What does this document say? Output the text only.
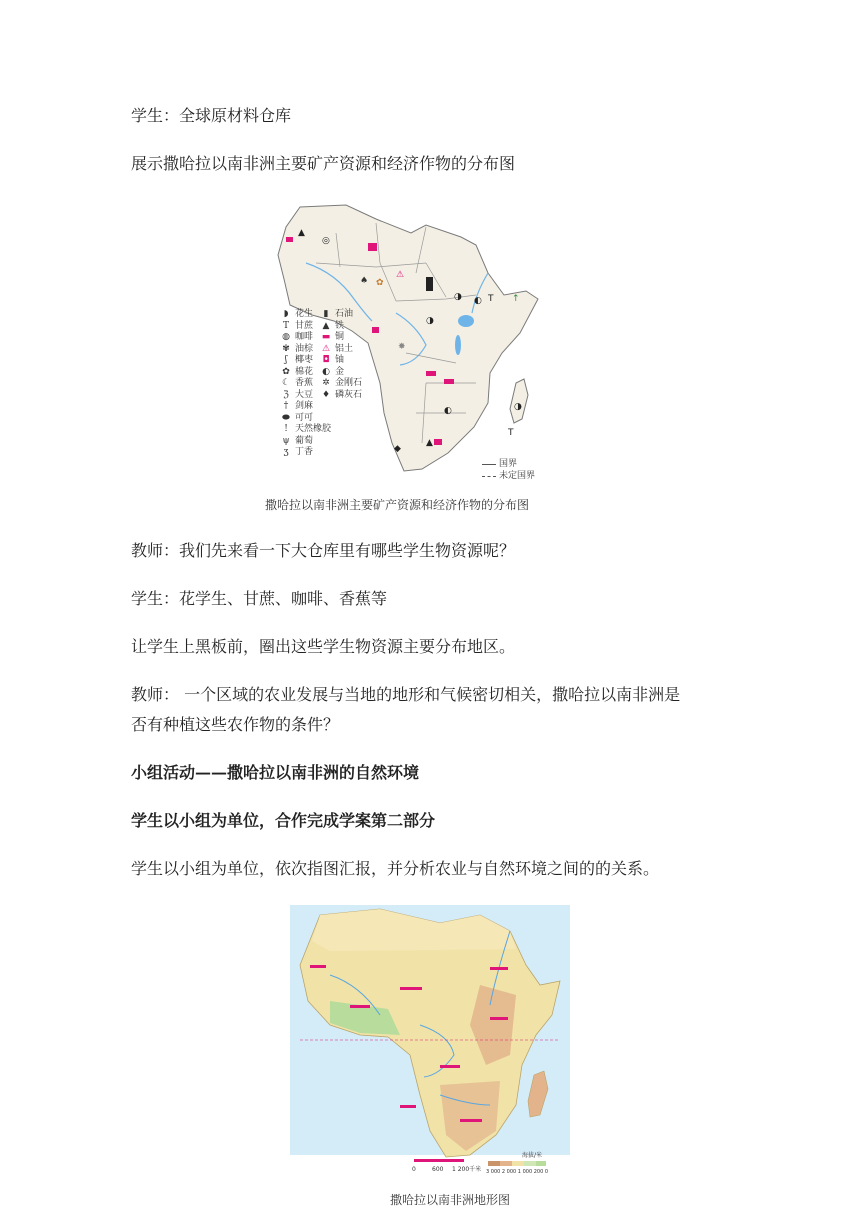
学生：全球原材料仓库
展示撒哈拉以南非洲主要矿产资源和经济作物的分布图
▲
◎
⚠
✿
♠
◑ ◐ T ↑
◑
✸
◐
▲
◆
◑
T
◗ 花生
T 甘蔗
◍ 咖啡
✾ 油棕
ʃ 椰枣
✿ 棉花
☾ 香蕉
ℨ 大豆
† 剑麻
⬬ 可可
! 天然橡胶
ψ 葡萄
ʒ 丁香
▮ 石油
▲ 铁
▬ 铜
⚠ 铝土
◘ 铀
◐ 金
✲ 金刚石
♦ 磷灰石
国界
未定国界
撒哈拉以南非洲主要矿产资源和经济作物的分布图
教师：我们先来看一下大仓库里有哪些学生物资源呢？
学生：花学生、甘蔗、咖啡、香蕉等
让学生上黑板前，圈出这些学生物资源主要分布地区。
教师： 一个区域的农业发展与当地的地形和气候密切相关，撒哈拉以南非洲是
否有种植这些农作物的条件？
小组活动——撒哈拉以南非洲的自然环境
学生以小组为单位，合作完成学案第二部分
学生以小组为单位，依次指图汇报，并分析农业与自然环境之间的的关系。
0	600 1 200千米
海拔/米
3 000 2 000 1 000 200 0
撒哈拉以南非洲地形图
